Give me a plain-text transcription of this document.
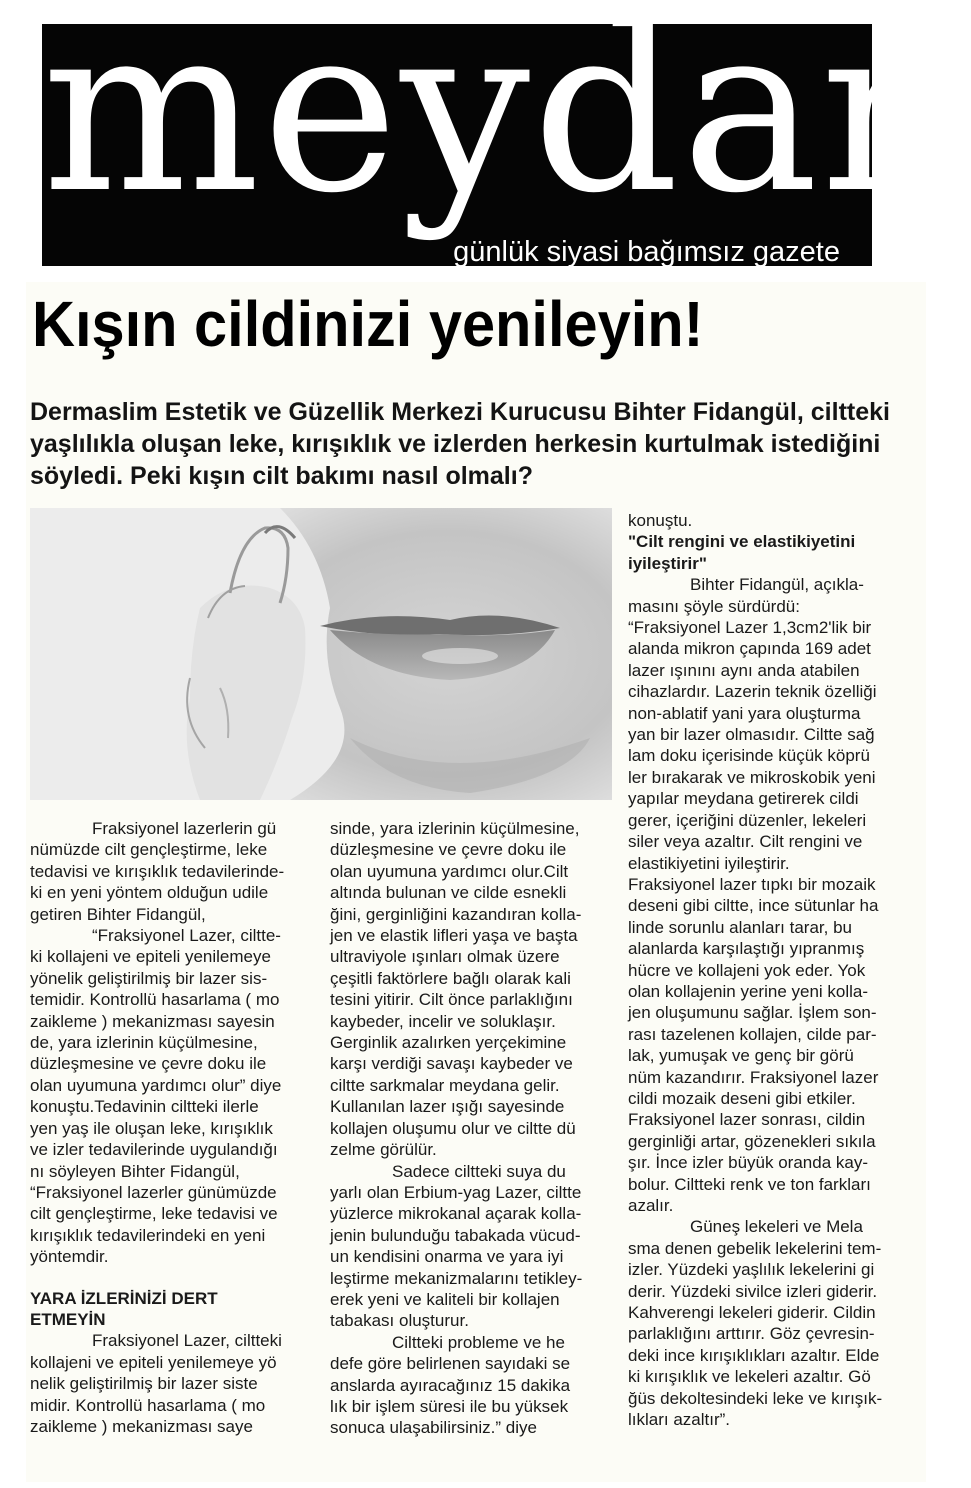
meydan
günlük siyasi bağımsız gazete
Kışın cildinizi yenileyin!
Dermaslim Estetik ve Güzellik Merkezi Kurucusu Bihter Fidangül, ciltteki
yaşlılıkla oluşan leke, kırışıklık ve izlerden herkesin kurtulmak istediğini
söyledi. Peki kışın cilt bakımı nasıl olmalı?
Fraksiyonel lazerlerin gü
nümüzde cilt gençleştirme, leke
tedavisi ve kırışıklık tedavilerinde-
ki en yeni yöntem olduğun udile
getiren Bihter Fidangül,
“Fraksiyonel Lazer, ciltte-
ki kollajeni ve epiteli yenilemeye
yönelik geliştirilmiş bir lazer sis-
temidir. Kontrollü hasarlama ( mo
zaikleme ) mekanizması sayesin
de, yara izlerinin küçülmesine,
düzleşmesine ve çevre doku ile
olan uyumuna yardımcı olur” diye
konuştu.Tedavinin ciltteki ilerle
yen yaş ile oluşan leke, kırışıklık
ve izler tedavilerinde uygulandığı
nı söyleyen Bihter Fidangül,
“Fraksiyonel lazerler günümüzde
cilt gençleştirme, leke tedavisi ve
kırışıklık tedavilerindeki en yeni
yöntemdir.
YARA İZLERİNİZİ DERT
ETMEYİN
Fraksiyonel Lazer, ciltteki
kollajeni ve epiteli yenilemeye yö
nelik geliştirilmiş bir lazer siste
midir. Kontrollü hasarlama ( mo
zaikleme ) mekanizması saye
sinde, yara izlerinin küçülmesine,
düzleşmesine ve çevre doku ile
olan uyumuna yardımcı olur.Cilt
altında bulunan ve cilde esnekli
ğini, gerginliğini kazandıran kolla-
jen ve elastik lifleri yaşa ve başta
ultraviyole ışınları olmak üzere
çeşitli faktörlere bağlı olarak kali
tesini yitirir. Cilt önce parlaklığını
kaybeder, incelir ve soluklaşır.
Gerginlik azalırken yerçekimine
karşı verdiği savaşı kaybeder ve
ciltte sarkmalar meydana gelir.
Kullanılan lazer ışığı sayesinde
kollajen oluşumu olur ve ciltte dü
zelme görülür.
Sadece ciltteki suya du
yarlı olan Erbium-yag Lazer, ciltte
yüzlerce mikrokanal açarak kolla-
jenin bulunduğu tabakada vücud-
un kendisini onarma ve yara iyi
leştirme mekanizmalarını tetikley-
erek yeni ve kaliteli bir kollajen
tabakası oluşturur.
Ciltteki probleme ve he
defe göre belirlenen sayıdaki se
anslarda ayıracağınız 15 dakika
lık bir işlem süresi ile bu yüksek
sonuca ulaşabilirsiniz.” diye
konuştu.
"Cilt rengini ve elastikiyetini
iyileştirir"
Bihter Fidangül, açıkla-
masını şöyle sürdürdü:
“Fraksiyonel Lazer 1,3cm2'lik bir
alanda mikron çapında 169 adet
lazer ışınını aynı anda atabilen
cihazlardır. Lazerin teknik özelliği
non-ablatif yani yara oluşturma
yan bir lazer olmasıdır. Ciltte sağ
lam doku içerisinde küçük köprü
ler bırakarak ve mikroskobik yeni
yapılar meydana getirerek cildi
gerer, içeriğini düzenler, lekeleri
siler veya azaltır. Cilt rengini ve
elastikiyetini iyileştirir.
Fraksiyonel lazer tıpkı bir mozaik
deseni gibi ciltte, ince sütunlar ha
linde sorunlu alanları tarar, bu
alanlarda karşılaştığı yıpranmış
hücre ve kollajeni yok eder. Yok
olan kollajenin yerine yeni kolla-
jen oluşumunu sağlar. İşlem son-
rası tazelenen kollajen, cilde par-
lak, yumuşak ve genç bir görü
nüm kazandırır. Fraksiyonel lazer
cildi mozaik deseni gibi etkiler.
Fraksiyonel lazer sonrası, cildin
gerginliği artar, gözenekleri sıkıla
şır. İnce izler büyük oranda kay-
bolur. Ciltteki renk ve ton farkları
azalır.
Güneş lekeleri ve Mela
sma denen gebelik lekelerini tem-
izler. Yüzdeki yaşlılık lekelerini gi
derir. Yüzdeki sivilce izleri giderir.
Kahverengi lekeleri giderir. Cildin
parlaklığını arttırır. Göz çevresin-
deki ince kırışıklıkları azaltır. Elde
ki kırışıklık ve lekeleri azaltır. Gö
ğüs dekoltesindeki leke ve kırışık-
lıkları azaltır”.
